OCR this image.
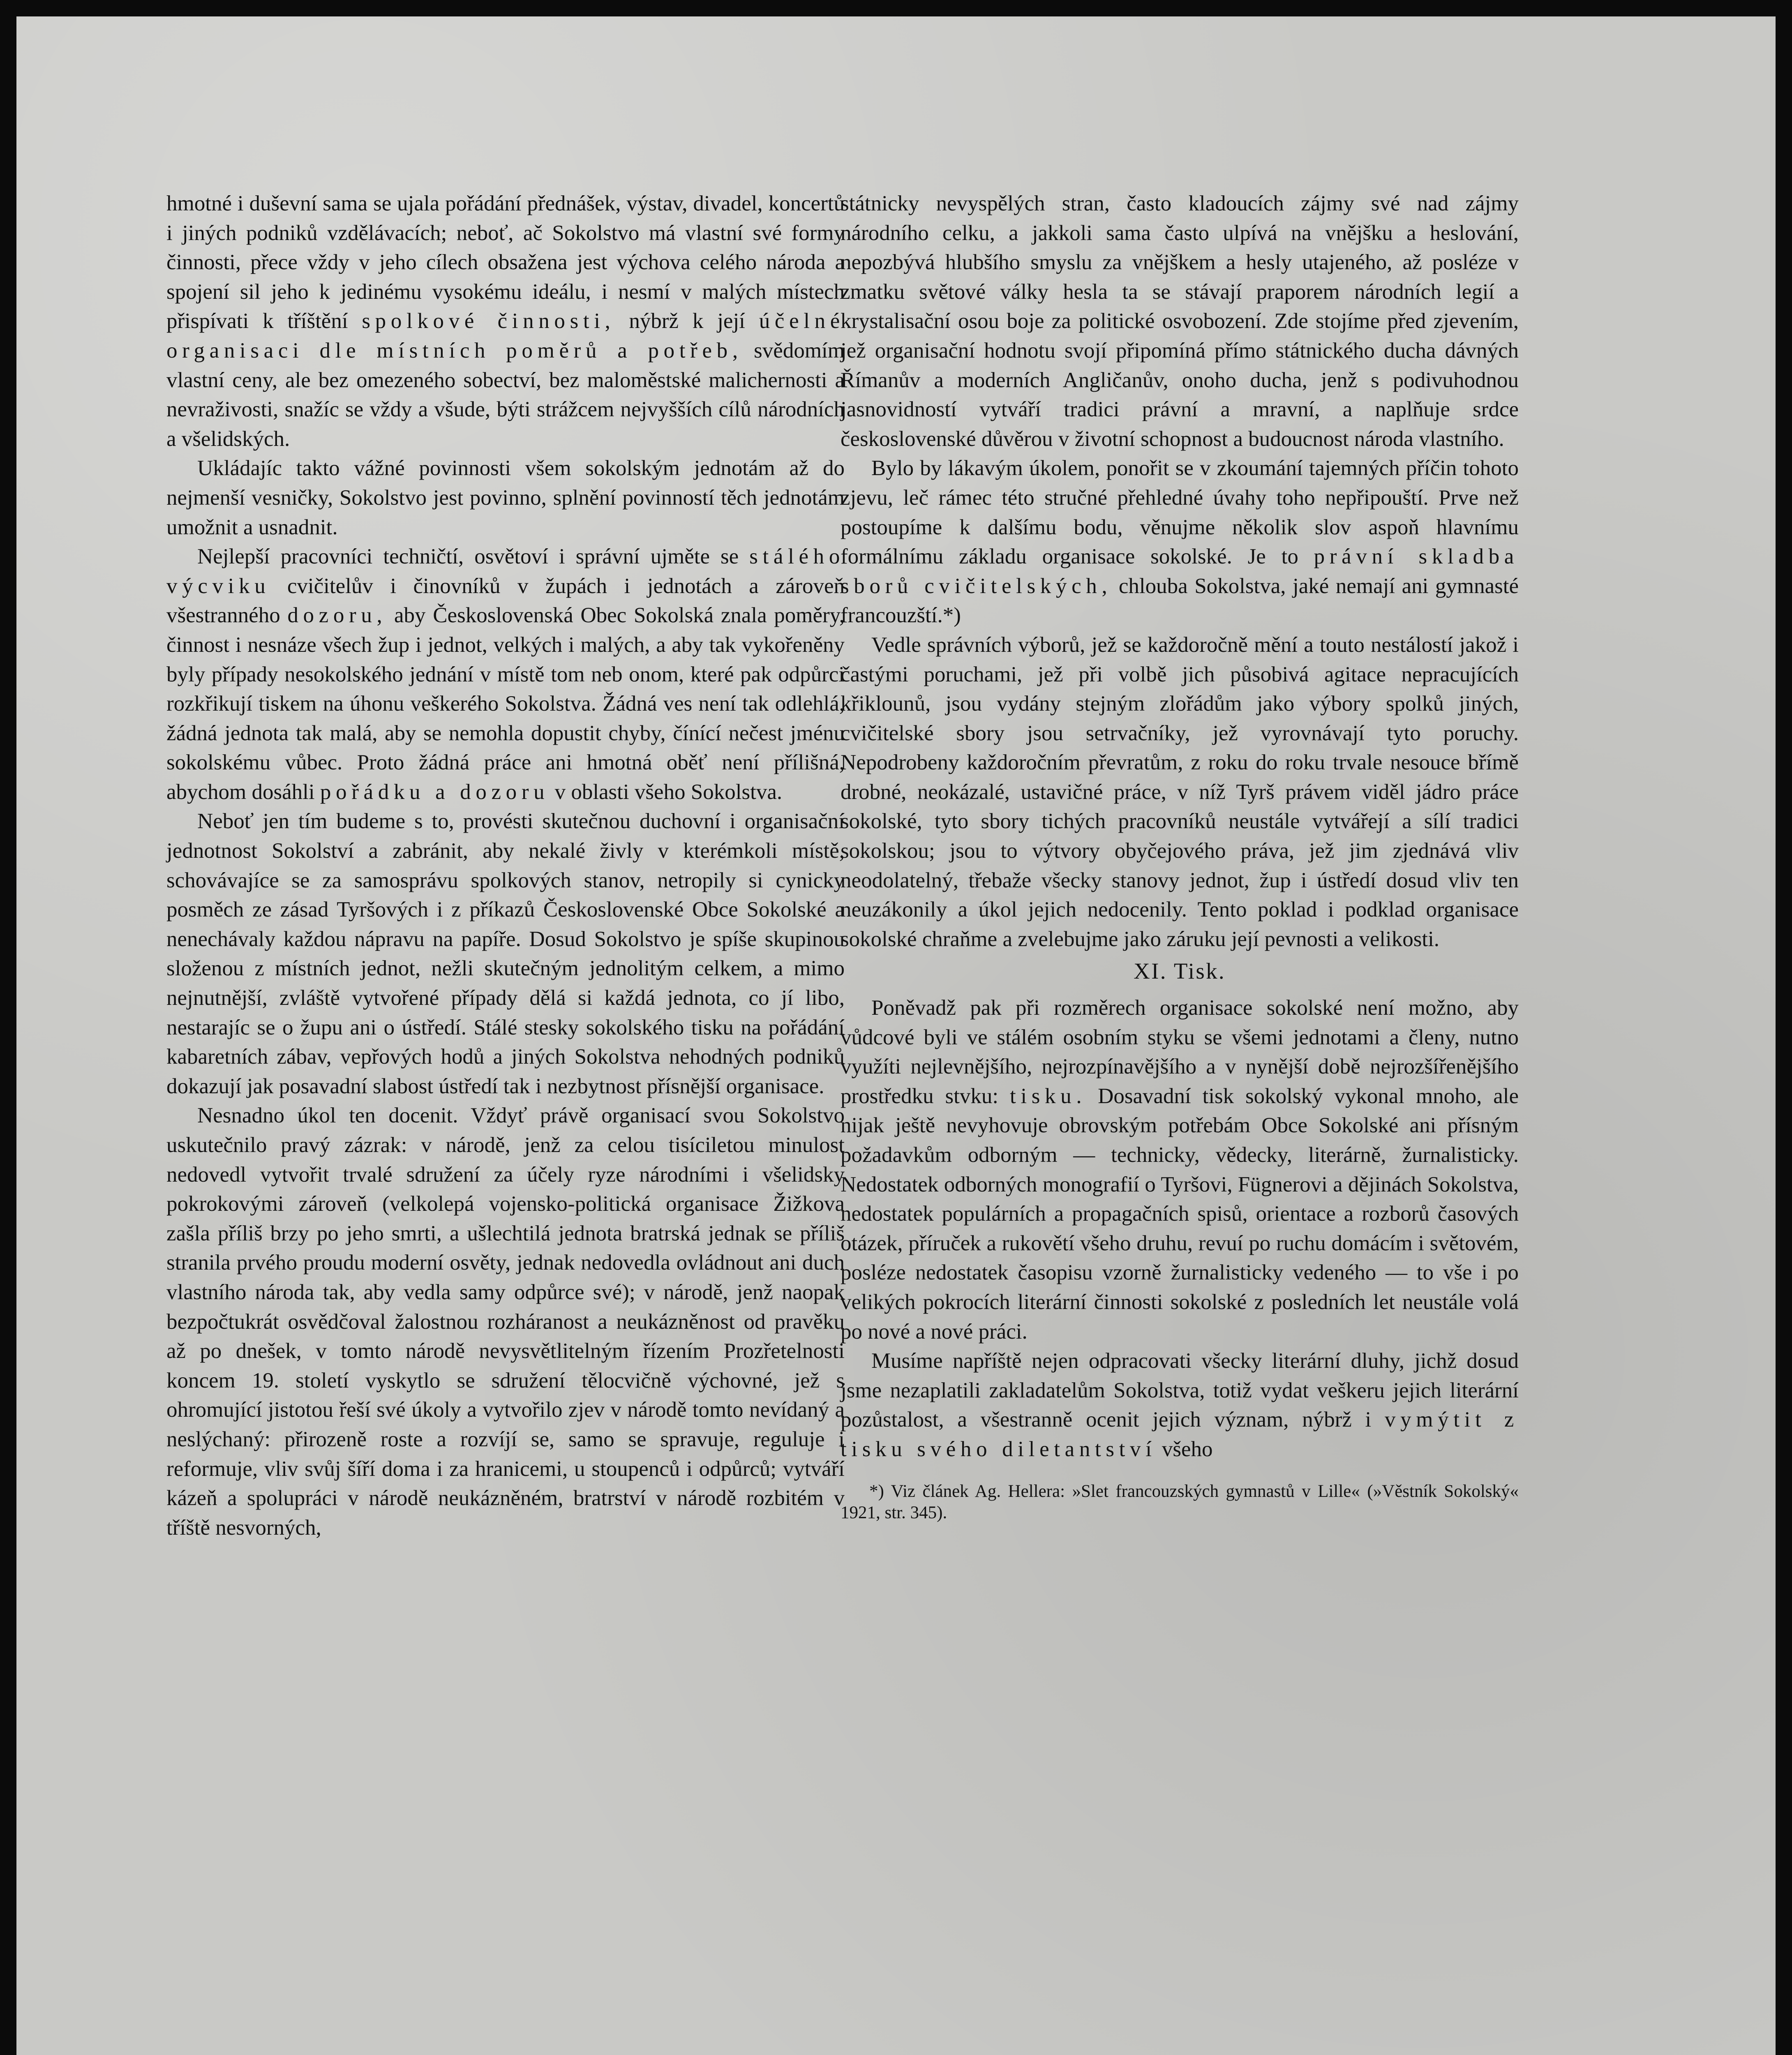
hmotné i duševní sama se ujala pořádání přednášek, výstav, divadel, koncertů i jiných podniků vzdělávacích; neboť, ač Sokolstvo má vlastní své formy činnosti, přece vždy v jeho cílech obsažena jest výchova celého národa a spojení sil jeho k jedinému vysokému ideálu, i nesmí v malých místech přispívati k tříštění spolkové činnosti, nýbrž k její účelné organisaci dle místních poměrů a potřeb, svědomím vlastní ceny, ale bez omezeného sobectví, bez maloměstské malichernosti a nevraživosti, snažíc se vždy a všude, býti strážcem nejvyšších cílů národních a všelidských.

Ukládajíc takto vážné povinnosti všem sokolským jednotám až do nejmenší vesničky, Sokolstvo jest povinno, splnění povinností těch jednotám umožnit a usnadnit.

Nejlepší pracovníci techničtí, osvětoví i správní ujměte se stálého výcviku cvičitelův i činovníků v župách i jednotách a zároveň všestranného dozoru, aby Československá Obec Sokolská znala poměry, činnost i nesnáze všech žup i jednot, velkých i malých, a aby tak vykořeněny byly případy nesokolského jednání v místě tom neb onom, které pak odpůrci rozkřikují tiskem na úhonu veškerého Sokolstva. Žádná ves není tak odlehlá, žádná jednota tak malá, aby se nemohla dopustit chyby, čínící nečest jménu sokolskému vůbec. Proto žádná práce ani hmotná oběť není přílišná, abychom dosáhli pořádku a dozoru v oblasti všeho Sokolstva.

Neboť jen tím budeme s to, provésti skutečnou duchovní i organisační jednotnost Sokolství a zabránit, aby nekalé živly v kterémkoli místě, schovávajíce se za samosprávu spolkových stanov, netropily si cynicky posměch ze zásad Tyršových i z příkazů Československé Obce Sokolské a nenechávaly každou nápravu na papíře. Dosud Sokolstvo je spíše skupinou složenou z místních jednot, nežli skutečným jednolitým celkem, a mimo nejnutnější, zvláště vytvořené případy dělá si každá jednota, co jí libo, nestarajíc se o župu ani o ústředí. Stálé stesky sokolského tisku na pořádání kabaretních zábav, vepřových hodů a jiných Sokolstva nehodných podniků dokazují jak posavadní slabost ústředí tak i nezbytnost přísnější organisace.

Nesnadno úkol ten docenit. Vždyť právě organisací svou Sokolstvo uskutečnilo pravý zázrak: v národě, jenž za celou tisíciletou minulost nedovedl vytvořit trvalé sdružení za účely ryze národními i všelidsky pokrokovými zároveň (velkolepá vojensko-politická organisace Žižkova zašla příliš brzy po jeho smrti, a ušlechtilá jednota bratrská jednak se příliš stranila prvého proudu moderní osvěty, jednak nedovedla ovládnout ani duch vlastního národa tak, aby vedla samy odpůrce své); v národě, jenž naopak bezpočtukrát osvědčoval žalostnou rozháranost a neukázněnost od pravěku až po dnešek, v tomto národě nevysvětlitelným řízením Prozřetelnosti koncem 19. století vyskytlo se sdružení tělocvičně výchovné, jež s ohromující jistotou řeší své úkoly a vytvořilo zjev v národě tomto nevídaný a neslýchaný: přirozeně roste a rozvíjí se, samo se spravuje, reguluje i reformuje, vliv svůj šíří doma i za hranicemi, u stoupenců i odpůrců; vytváří kázeň a spolupráci v národě neukázněném, bratrství v národě rozbitém v tříště nesvorných,

státnicky nevyspělých stran, často kladoucích zájmy své nad zájmy národního celku, a jakkoli sama často ulpívá na vnějšku a heslování, nepozbývá hlubšího smyslu za vnějškem a hesly utajeného, až posléze v zmatku světové války hesla ta se stávají praporem národních legií a krystalisační osou boje za politické osvobození. Zde stojíme před zjevením, jež organisační hodnotu svojí připomíná přímo státnického ducha dávných Římanův a moderních Angličanův, onoho ducha, jenž s podivuhodnou jasnovidností vytváří tradici právní a mravní, a naplňuje srdce československé důvěrou v životní schopnost a budoucnost národa vlastního.

Bylo by lákavým úkolem, ponořit se v zkoumání tajemných příčin tohoto zjevu, leč rámec této stručné přehledné úvahy toho nepřipouští. Prve než postoupíme k dalšímu bodu, věnujme několik slov aspoň hlavnímu formálnímu základu organisace sokolské. Je to právní skladba sborů cvičitelských, chlouba Sokolstva, jaké nemají ani gymnasté francouzští.*)

Vedle správních výborů, jež se každoročně mění a touto nestálostí jakož i častými poruchami, jež při volbě jich působivá agitace nepracujících křiklounů, jsou vydány stejným zlořádům jako výbory spolků jiných, cvičitelské sbory jsou setrvačníky, jež vyrovnávají tyto poruchy. Nepodrobeny každoročním převratům, z roku do roku trvale nesouce břímě drobné, neokázalé, ustavičné práce, v níž Tyrš právem viděl jádro práce sokolské, tyto sbory tichých pracovníků neustále vytvářejí a sílí tradici sokolskou; jsou to výtvory obyčejového práva, jež jim zjednává vliv neodolatelný, třebaže všecky stanovy jednot, žup i ústředí dosud vliv ten neuzákonily a úkol jejich nedocenily. Tento poklad i podklad organisace sokolské chraňme a zvelebujme jako záruku její pevnosti a velikosti.

XI. Tisk.

Poněvadž pak při rozměrech organisace sokolské není možno, aby vůdcové byli ve stálém osobním styku se všemi jednotami a členy, nutno využíti nejlevnějšího, nejrozpínavějšího a v nynější době nejrozšířenějšího prostředku stvku: tisku. Dosavadní tisk sokolský vykonal mnoho, ale nijak ještě nevyhovuje obrovským potřebám Obce Sokolské ani přísným požadavkům odborným — technicky, vědecky, literárně, žurnalisticky. Nedostatek odborných monografií o Tyršovi, Fügnerovi a dějinách Sokolstva, nedostatek populárních a propagačních spisů, orientace a rozborů časových otázek, příruček a rukovětí všeho druhu, revuí po ruchu domácím i světovém, posléze nedostatek časopisu vzorně žurnalisticky vedeného — to vše i po velikých pokrocích literární činnosti sokolské z posledních let neustále volá po nové a nové práci.

Musíme napříště nejen odpracovati všecky literární dluhy, jichž dosud jsme nezaplatili zakladatelům Sokolstva, totiž vydat veškeru jejich literární pozůstalost, a všestranně ocenit jejich význam, nýbrž i vymýtit z tisku svého diletantství všeho

*) Viz článek Ag. Hellera: »Slet francouzských gymnastů v Lille« (»Věstník Sokolský« 1921, str. 345).
